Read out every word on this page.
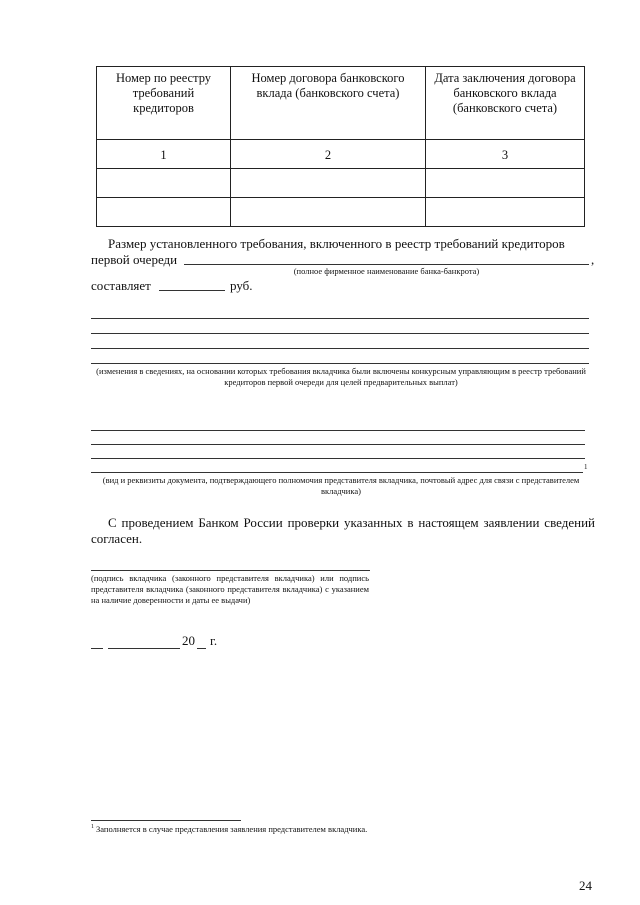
Номер по реестру требований кредиторов	Номер договора банковского вклада (банковского счета)	Дата заключения договора банковского вклада (банковского счета)
1	2	3

Размер установленного требования, включенного в реестр требований кредиторов
первой очереди	,
(полное фирменное наименование банка-банкрота)
составляет	руб.
(изменения в сведениях, на основании которых требования вкладчика были включены конкурсным управляющим в реестр требований кредиторов первой очереди для целей предварительных выплат)
1
(вид и реквизиты документа, подтверждающего полномочия представителя вкладчика, почтовый адрес для связи с представителем вкладчика)
С проведением Банком России проверки указанных в настоящем заявлении сведений согласен.
(подпись вкладчика (законного представителя вкладчика) или подпись представителя вкладчика (законного представителя вкладчика) с указанием на наличие доверенности и даты ее выдачи)
20 г.
1 Заполняется в случае представления заявления представителем вкладчика.
24
